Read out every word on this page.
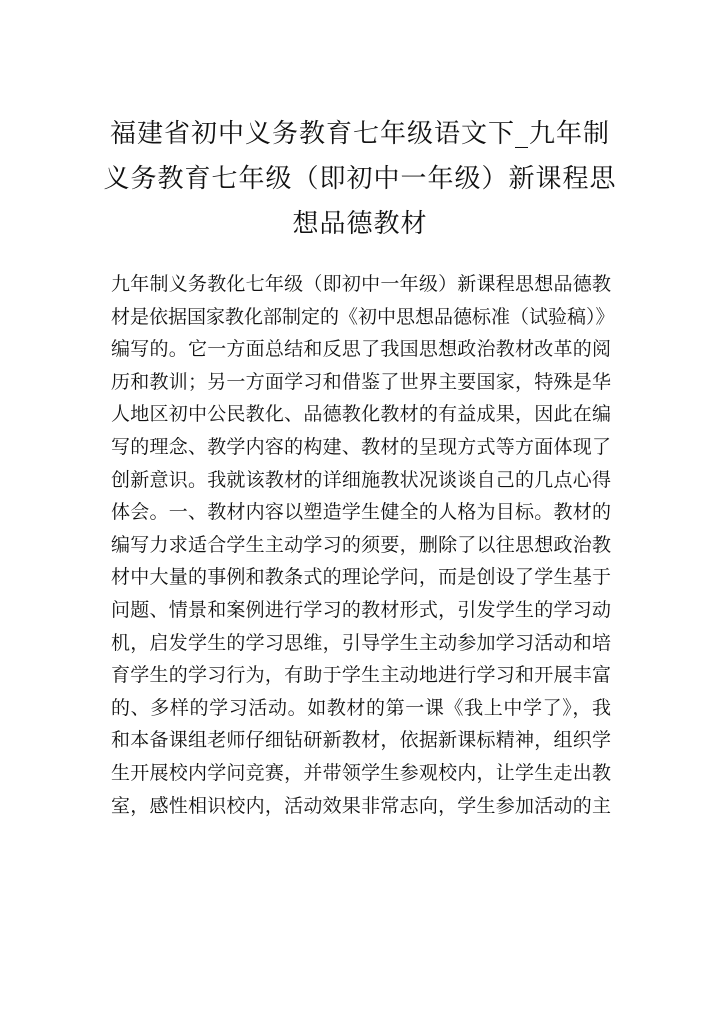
福建省初中义务教育七年级语文下_九年制
义务教育七年级（即初中一年级）新课程思
想品德教材
九年制义务教化七年级（即初中一年级）新课程思想品德教
材是依据国家教化部制定的《初中思想品德标准（试验稿）》
编写的。它一方面总结和反思了我国思想政治教材改革的阅
历和教训；另一方面学习和借鉴了世界主要国家，特殊是华
人地区初中公民教化、品德教化教材的有益成果，因此在编
写的理念、教学内容的构建、教材的呈现方式等方面体现了
创新意识。我就该教材的详细施教状况谈谈自己的几点心得
体会。一、教材内容以塑造学生健全的人格为目标。教材的
编写力求适合学生主动学习的须要，删除了以往思想政治教
材中大量的事例和教条式的理论学问，而是创设了学生基于
问题、情景和案例进行学习的教材形式，引发学生的学习动
机，启发学生的学习思维，引导学生主动参加学习活动和培
育学生的学习行为，有助于学生主动地进行学习和开展丰富
的、多样的学习活动。如教材的第一课《我上中学了》，我
和本备课组老师仔细钻研新教材，依据新课标精神，组织学
生开展校内学问竞赛，并带领学生参观校内，让学生走出教
室，感性相识校内，活动效果非常志向，学生参加活动的主
